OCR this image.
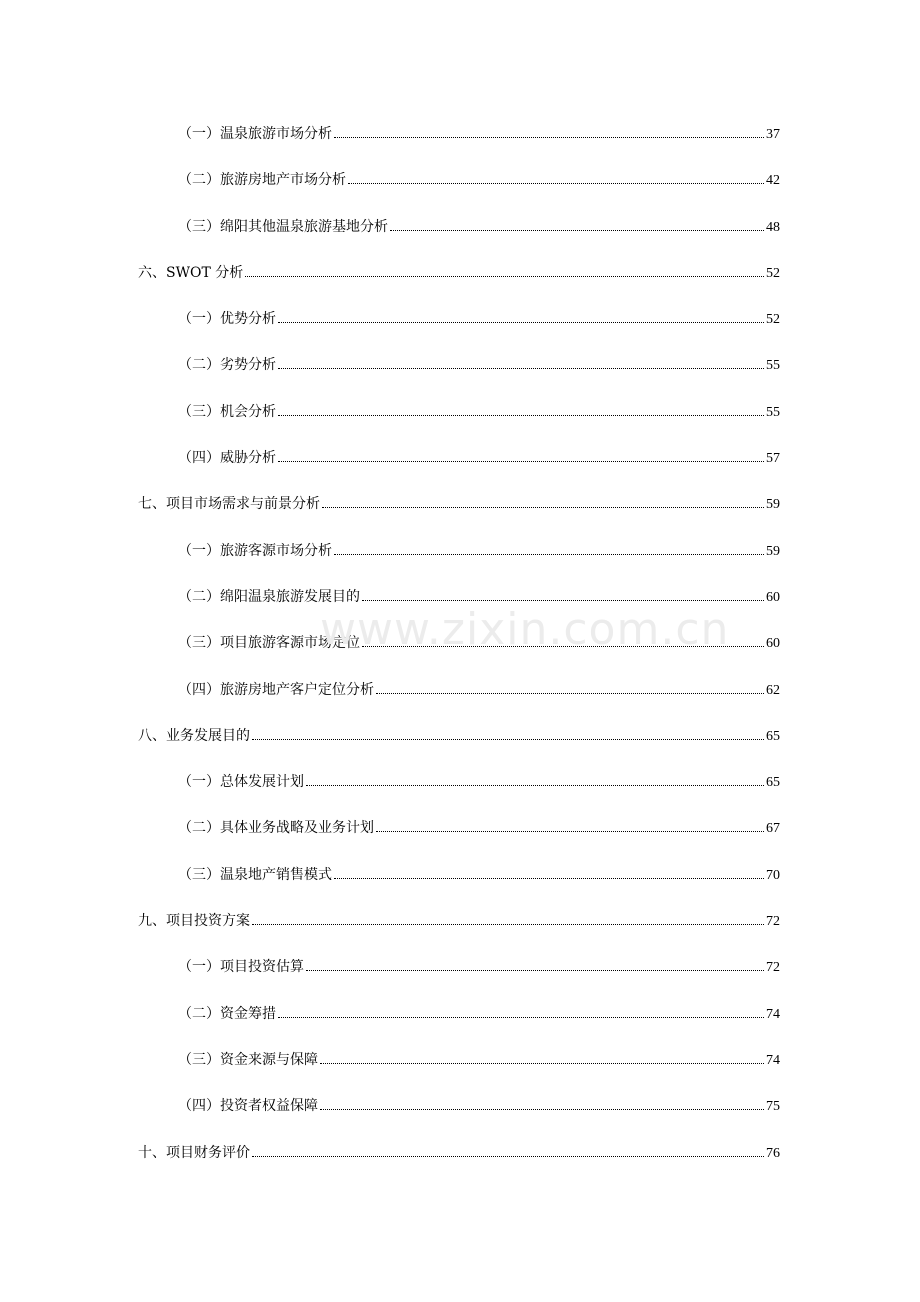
（一）温泉旅游市场分析	37
（二）旅游房地产市场分析	42
（三）绵阳其他温泉旅游基地分析	48
六、SWOT 分析	52
（一）优势分析	52
（二）劣势分析	55
（三）机会分析	55
（四）威胁分析	57
七、项目市场需求与前景分析	59
（一）旅游客源市场分析	59
（二）绵阳温泉旅游发展目的	60
（三）项目旅游客源市场定位	60
（四）旅游房地产客户定位分析	62
八、业务发展目的	65
（一）总体发展计划	65
（二）具体业务战略及业务计划	67
（三）温泉地产销售模式	70
九、项目投资方案	72
（一）项目投资估算	72
（二）资金筹措	74
（三）资金来源与保障	74
（四）投资者权益保障	75
十、项目财务评价	76
www.zixin.com.cn
